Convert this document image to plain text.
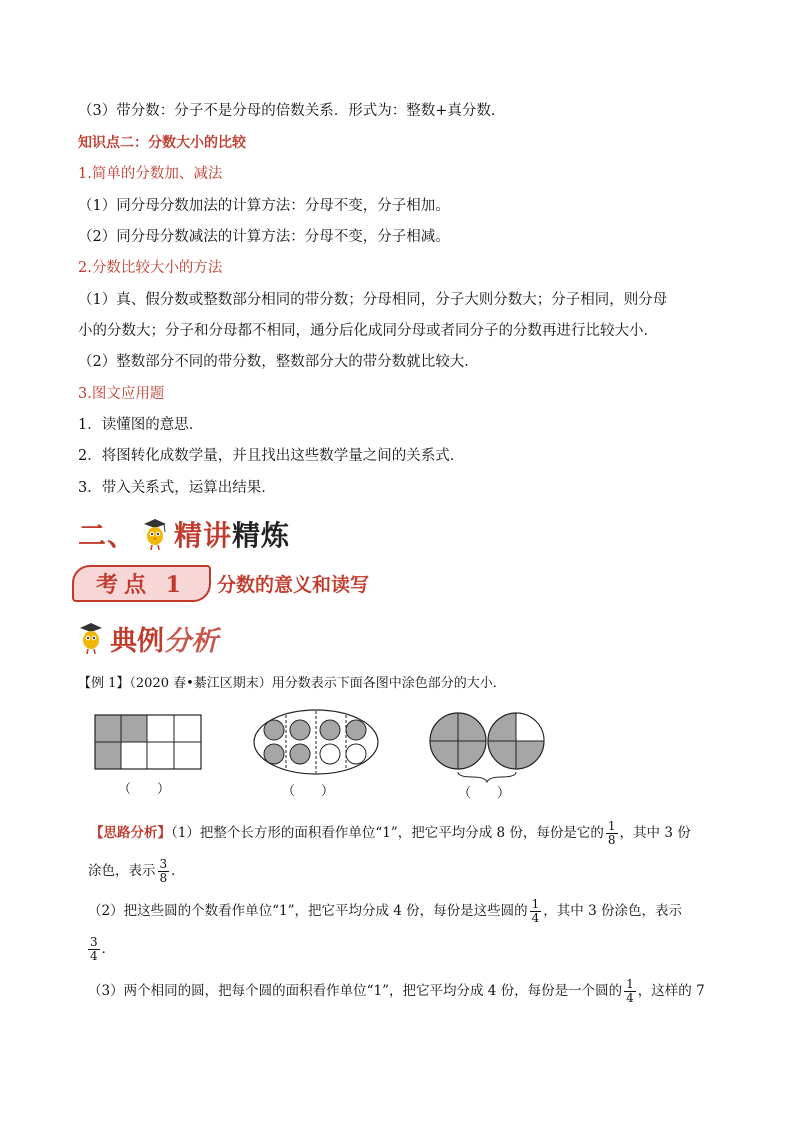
（3）带分数：分子不是分母的倍数关系．形式为：整数+真分数．
知识点二：分数大小的比较
1.简单的分数加、减法
（1）同分母分数加法的计算方法：分母不变，分子相加。
（2）同分母分数减法的计算方法：分母不变，分子相减。
2.分数比较大小的方法
（1）真、假分数或整数部分相同的带分数；分母相同，分子大则分数大；分子相同，则分母
小的分数大；分子和分母都不相同，通分后化成同分母或者同分子的分数再进行比较大小．
（2）整数部分不同的带分数，整数部分大的带分数就比较大．
3.图文应用题
1．读懂图的意思．
2．将图转化成数学量，并且找出这些数学量之间的关系式．
3．带入关系式，运算出结果．
二、 精讲 精炼
考点 1	分数的意义和读写
典例 分析
【例 1】（2020 春•綦江区期末）用分数表示下面各图中涂色部分的大小．
（　　）	（　　）	（　　）
【思路分析】（1）把整个长方形的面积看作单位“1”，把它平均分成 8 份，每份是它的 $\frac{1}{8}$ ，其中 3 份
涂色，表示 $\frac{3}{8}$ ．
（2）把这些圆的个数看作单位“1”，把它平均分成 4 份，每份是这些圆的 $\frac{1}{4}$ ，其中 3 份涂色，表示
$\frac{3}{4}$ ．
（3）两个相同的圆，把每个圆的面积看作单位“1”，把它平均分成 4 份，每份是一个圆的 $\frac{1}{4}$ ，这样的 7
